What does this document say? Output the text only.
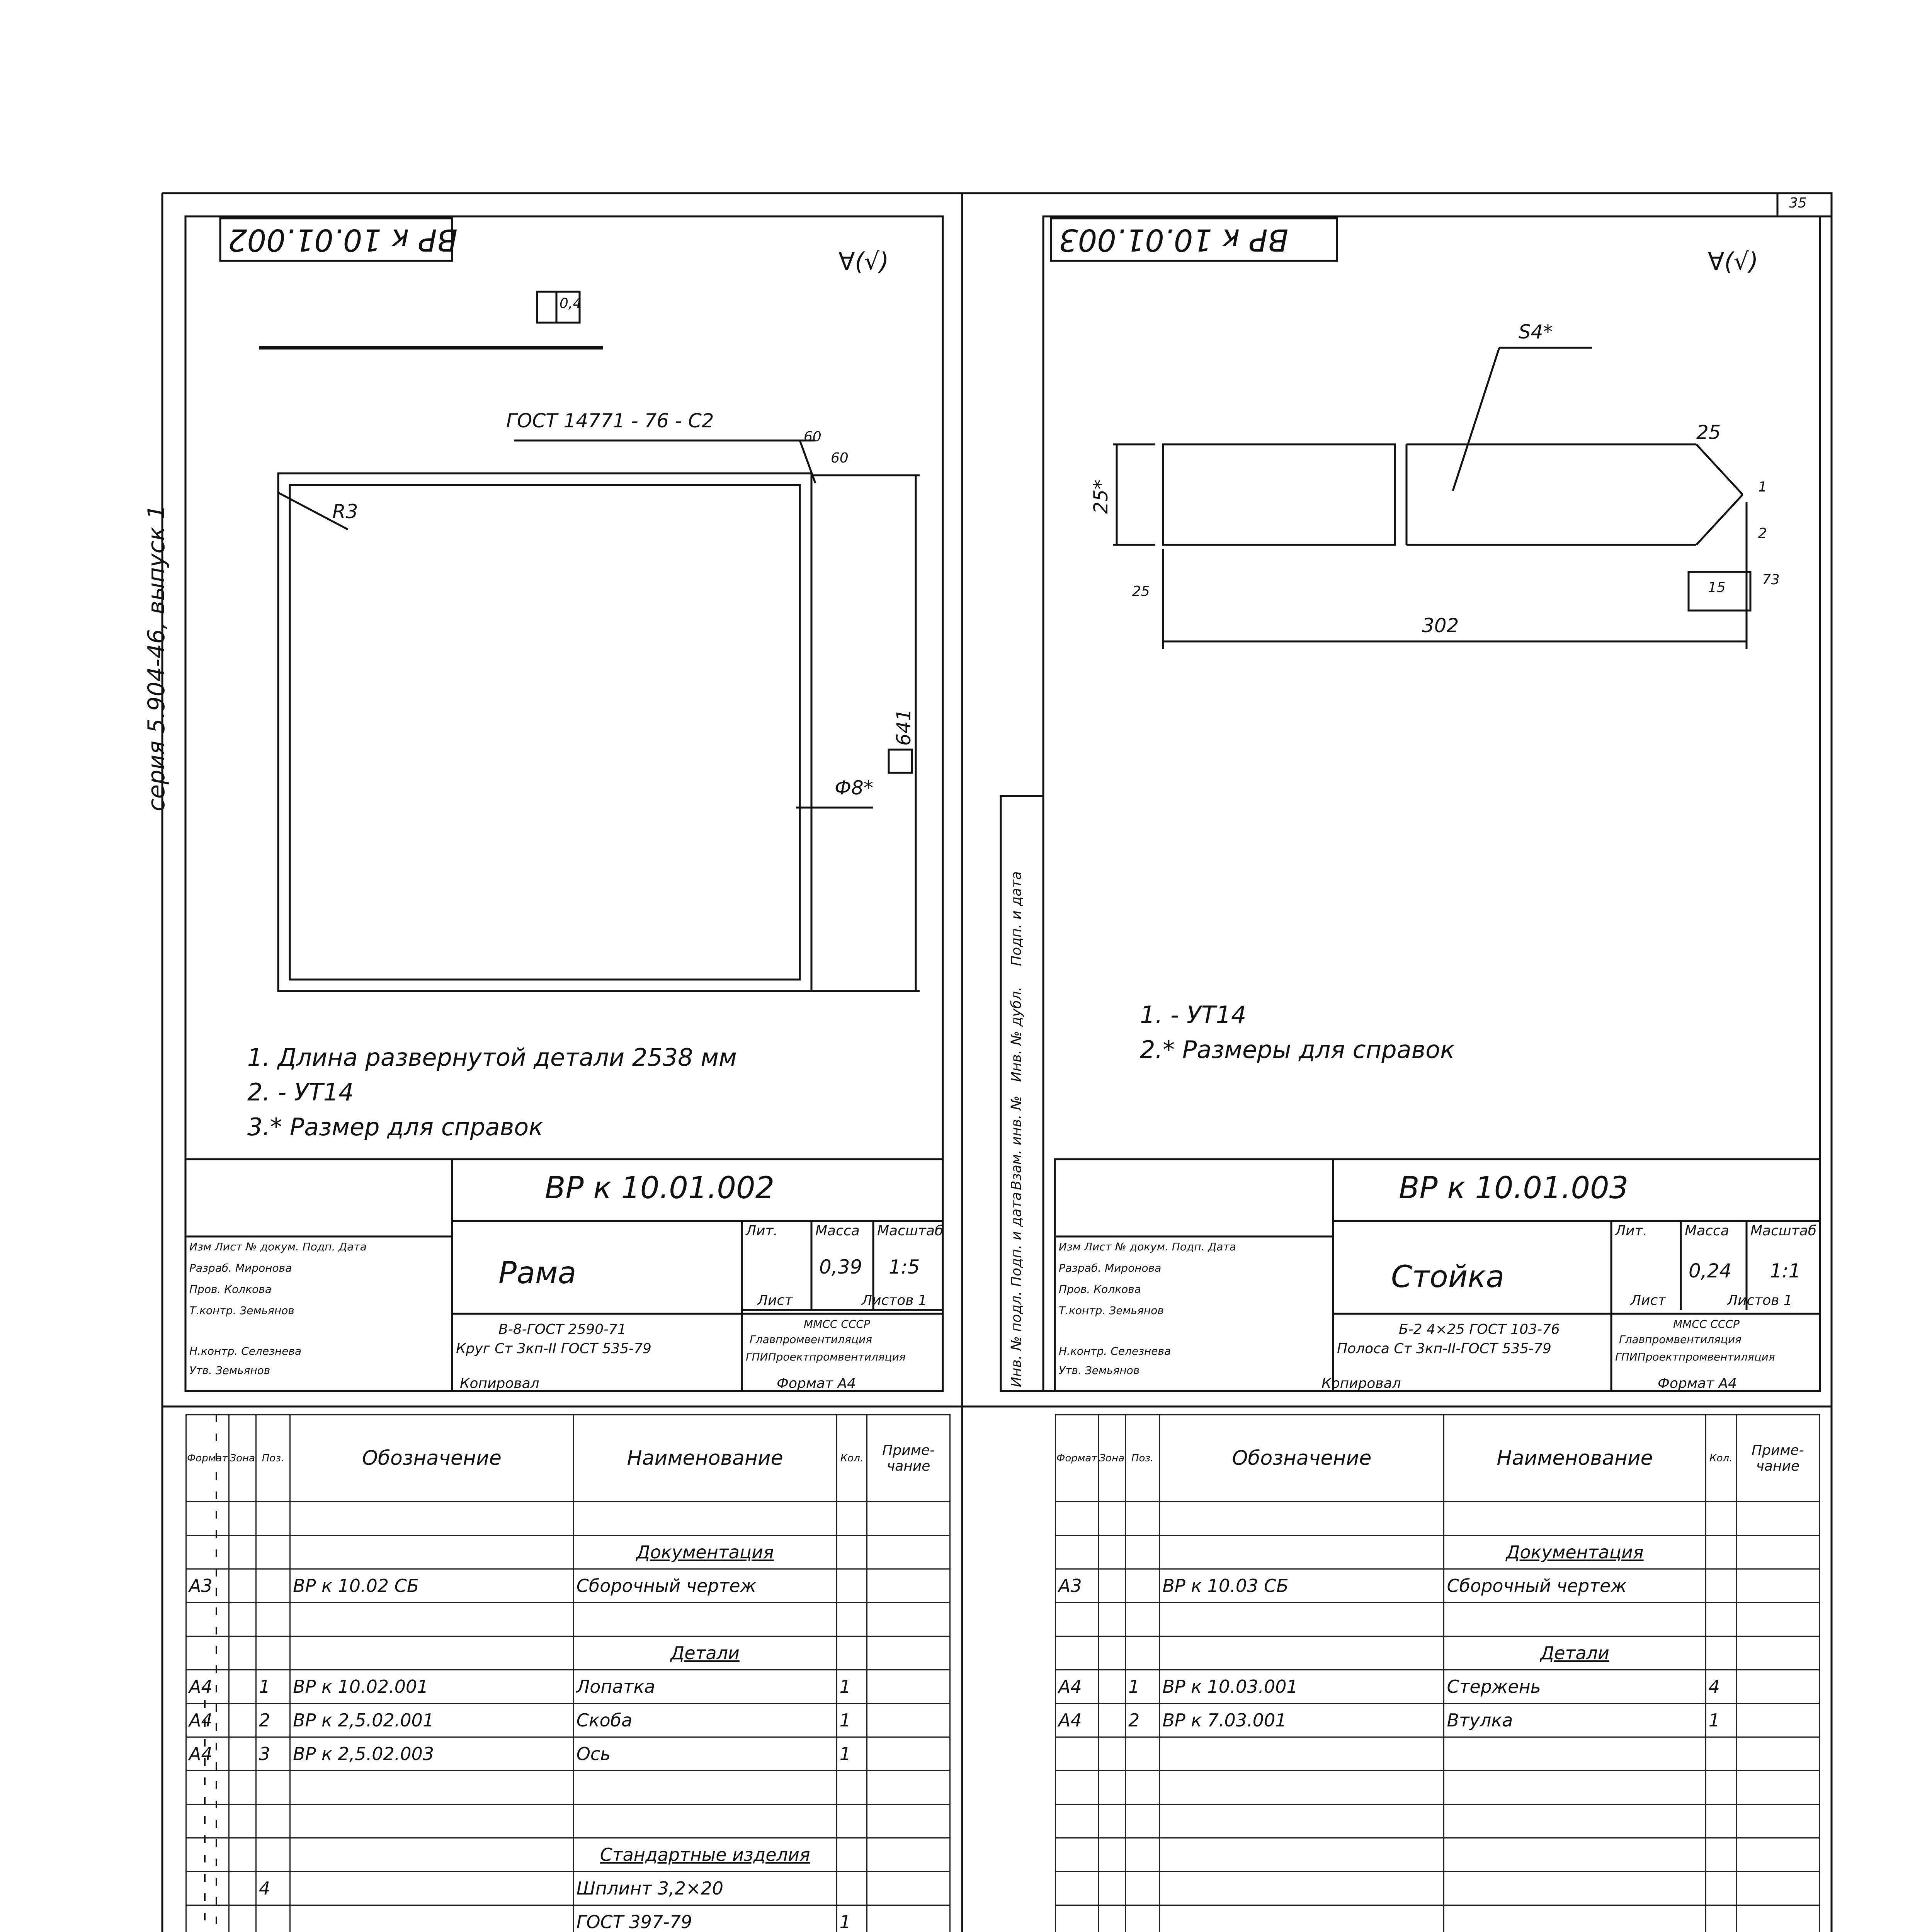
35
серия 5.904-46, выпуск 1
ВР к 10.01.002
∀(√)
0,4
ГОСТ 14771 - 76 - С2
60
60
R3
Ф8*
641
1. Длина развернутой детали 2538 мм
2. - УТ14
3.* Размер для справок
ВР к 10.01.002
Рама
Лит.	Масса Масштаб
0,39 1:5
Лист	Листов 1
В-8-ГОСТ 2590-71
Круг Ст 3кп-II ГОСТ 535-79
ММСС СССР
Главпромвентиляция
ГПИПроектпромвентиляция
Копировал	Формат А4
Изм Лист № докум. Подп. Дата
Разраб. Миронова
Пров. Колкова
Т.контр. Земьянов
Н.контр. Селезнева
Утв. Земьянов
ВР к 10.01.003
∀(√)
S4*
25*
25
302
1
2
15	73
25
1. - УТ14
2.* Размеры для справок
ВР к 10.01.003
Стойка
Лит.	Масса Масштаб
0,24 1:1
Лист	Листов 1
Б-2 4×25 ГОСТ 103-76
Полоса Ст 3кп-II-ГОСТ 535-79
ММСС СССР
Главпромвентиляция
ГПИПроектпромвентиляция
Копировал	Формат А4
Изм Лист № докум. Подп. Дата
Разраб. Миронова
Пров. Колкова
Т.контр. Земьянов
Н.контр. Селезнева
Утв. Земьянов
Подп. и дата
Инв. № дубл.
Взам. инв. №
Подп. и дата
Инв. № подл.
Формат	Зона	Поз.	Обозначение	Наименование	Кол.	Приме- чание

				Документация		
А3			ВР к 10.02 СБ	Сборочный чертеж		

				Детали		
А4		1	ВР к 10.02.001	Лопатка	1	
А4		2	ВР к 2,5.02.001	Скоба	1	
А4		3	ВР к 2,5.02.003	Ось	1	

				Стандартные изделия		
		4		Шплинт 3,2×20		
				ГОСТ 397-79	1	

Формат	Зона	Поз.	Обозначение	Наименование	Кол.	Приме- чание

				Документация		
А3			ВР к 10.03 СБ	Сборочный чертеж		

				Детали		
А4		1	ВР к 10.03.001	Стержень	4	
А4		2	ВР к 7.03.001	Втулка	1	
